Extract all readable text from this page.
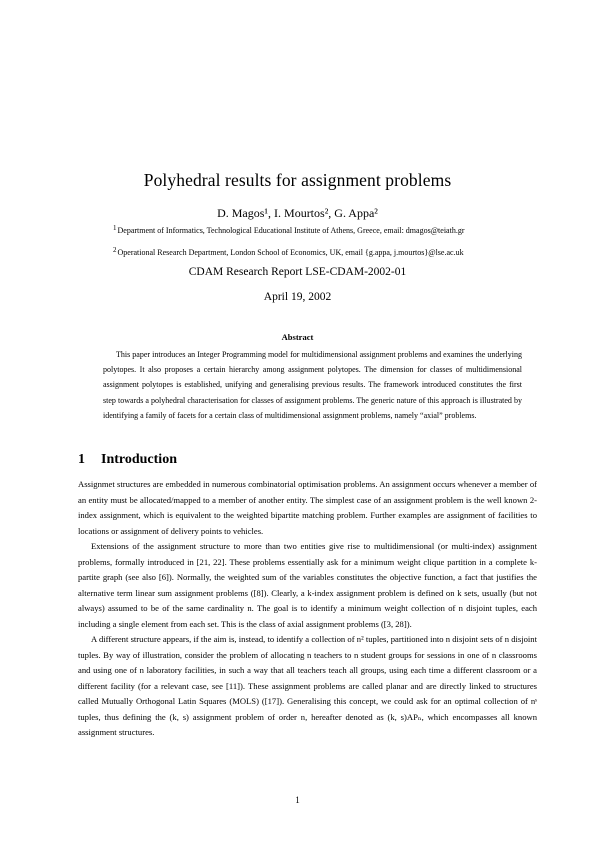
Polyhedral results for assignment problems
D. Magos¹, I. Mourtos², G. Appa²
$^1$Department of Informatics, Technological Educational Institute of Athens, Greece, email: dmagos@teiath.gr
$^2$Operational Research Department, London School of Economics, UK, email {g.appa, j.mourtos}@lse.ac.uk
CDAM Research Report LSE-CDAM-2002-01
April 19, 2002
Abstract
This paper introduces an Integer Programming model for multidimensional assignment problems and examines the underlying polytopes. It also proposes a certain hierarchy among assignment polytopes. The dimension for classes of multidimensional assignment polytopes is established, unifying and generalising previous results. The framework introduced constitutes the first step towards a polyhedral characterisation for classes of assignment problems. The generic nature of this approach is illustrated by identifying a family of facets for a certain class of multidimensional assignment problems, namely “axial” problems.
1 Introduction

Assignmet structures are embedded in numerous combinatorial optimisation problems. An assignment occurs whenever a member of an entity must be allocated/mapped to a member of another entity. The simplest case of an assignment problem is the well known 2-index assignment, which is equivalent to the weighted bipartite matching problem. Further examples are assignment of facilities to locations or assignment of delivery points to vehicles.

Extensions of the assignment structure to more than two entities give rise to multidimensional (or multi-index) assignment problems, formally introduced in [21, 22]. These problems essentially ask for a minimum weight clique partition in a complete k-partite graph (see also [6]). Normally, the weighted sum of the variables constitutes the objective function, a fact that justifies the alternative term linear sum assignment problems ([8]). Clearly, a k-index assignment problem is defined on k sets, usually (but not always) assumed to be of the same cardinality n. The goal is to identify a minimum weight collection of n disjoint tuples, each including a single element from each set. This is the class of axial assignment problems ([3, 28]).

A different structure appears, if the aim is, instead, to identify a collection of n² tuples, partitioned into n disjoint sets of n disjoint tuples. By way of illustration, consider the problem of allocating n teachers to n student groups for sessions in one of n classrooms and using one of n laboratory facilities, in such a way that all teachers teach all groups, using each time a different classroom or a different facility (for a relevant case, see [11]). These assignment problems are called planar and are directly linked to structures called Mutually Orthogonal Latin Squares (MOLS) ([17]). Generalising this concept, we could ask for an optimal collection of nˢ tuples, thus defining the (k, s) assignment problem of order n, hereafter denoted as (k, s)APₙ, which encompasses all known assignment structures.

1
